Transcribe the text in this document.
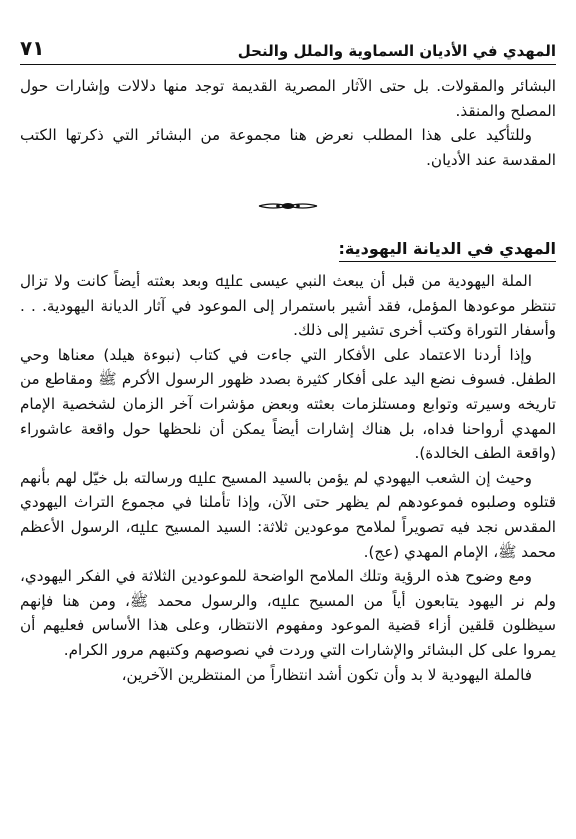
المهدي في الأديان السماوية والملل والنحل
٧١

البشائر والمقولات. بل حتى الآثار المصرية القديمة توجد منها دلالات وإشارات حول المصلح والمنقذ.

وللتأكيد على هذا المطلب نعرض هنا مجموعة من البشائر التي ذكرتها الكتب المقدسة عند الأديان.

المهدي في الديانة اليهودية:

الملة اليهودية من قبل أن يبعث النبي عيسى ﷷ وبعد بعثته أيضاً كانت ولا تزال تنتظر موعودها المؤمل، فقد أشير باستمرار إلى الموعود في آثار الديانة اليهودية. . . وأسفار التوراة وكتب أخرى تشير إلى ذلك.

وإذا أردنا الاعتماد على الأفكار التي جاءت في كتاب (نبوءة هيلد) معناها وحي الطفل. فسوف نضع اليد على أفكار كثيرة بصدد ظهور الرسول الأكرم ﷺ ومقاطع من تاريخه وسيرته وتوابع ومستلزمات بعثته وبعض مؤشرات آخر الزمان لشخصية الإمام المهدي أرواحنا فداه، بل هناك إشارات أيضاً يمكن أن نلحظها حول واقعة عاشوراء (واقعة الطف الخالدة).

وحيث إن الشعب اليهودي لم يؤمن بالسيد المسيح ﷷ ورسالته بل خيّل لهم بأنهم قتلوه وصلبوه فموعودهم لم يظهر حتى الآن، وإذا تأملنا في مجموع التراث اليهودي المقدس نجد فيه تصويراً لملامح موعودين ثلاثة: السيد المسيح ﷷ، الرسول الأعظم محمد ﷺ، الإمام المهدي (عج).

ومع وضوح هذه الرؤية وتلك الملامح الواضحة للموعودين الثلاثة في الفكر اليهودي، ولم نر اليهود يتابعون أياً من المسيح ﷷ، والرسول محمد ﷺ، ومن هنا فإنهم سيظلون قلقين أزاء قضية الموعود ومفهوم الانتظار، وعلى هذا الأساس فعليهم أن يمروا على كل البشائر والإشارات التي وردت في نصوصهم وكتبهم مرور الكرام.

فالملة اليهودية لا بد وأن تكون أشد انتظاراً من المنتظرين الآخرين،
